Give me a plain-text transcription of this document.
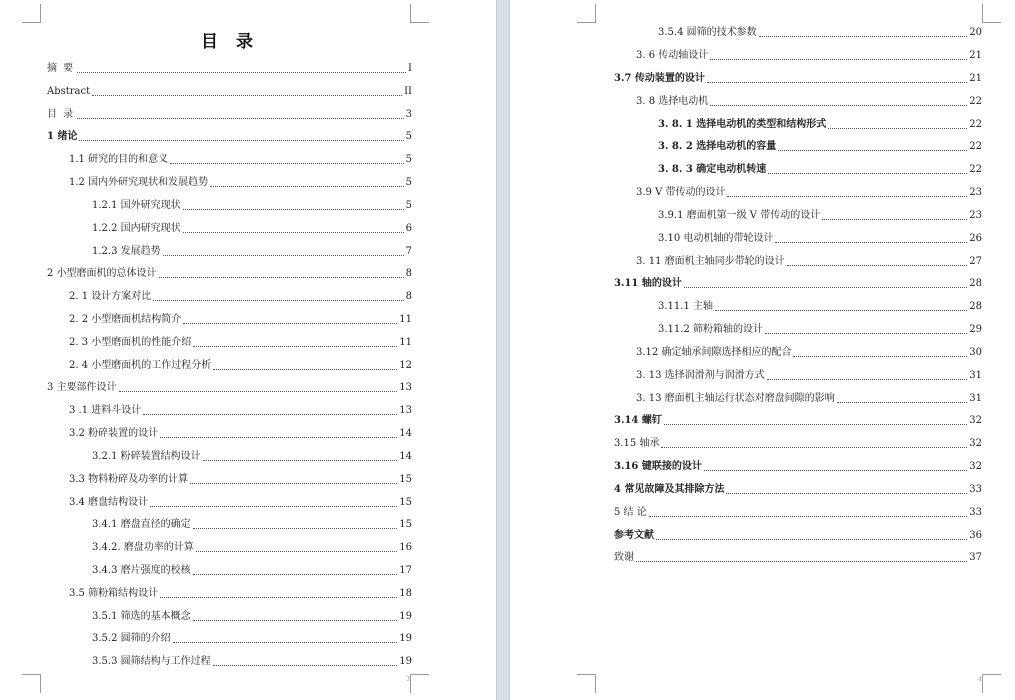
目 录
摘 要	I
Abstract	II
目 录	3
1 绪论	5
1.1 研究的目的和意义	5
1.2 国内外研究现状和发展趋势	5
1.2.1 国外研究现状	5
1.2.2 国内研究现状	6
1.2.3 发展趋势	7
2 小型磨面机的总体设计	8
2. 1 设计方案对比	8
2. 2 小型磨面机结构简介	11
2. 3 小型磨面机的性能介绍	11
2. 4 小型磨面机的工作过程分析	12
3 主要部件设计	13
3 .1 进料斗设计	13
3.2 粉碎装置的设计	14
3.2.1 粉碎装置结构设计	14
3.3 物料粉碎及功率的计算	15
3.4 磨盘结构设计	15
3.4.1 磨盘直径的确定	15
3.4.2. 磨盘功率的计算	16
3.4.3 磨片强度的校核	17
3.5 筛粉箱结构设计	18
3.5.1 筛选的基本概念	19
3.5.2 圆筛的介绍	19
3.5.3 圆筛结构与工作过程	19
3
3.5.4 圆筛的技术参数	20
3. 6 传动轴设计	21
3.7 传动装置的设计	21
3. 8 选择电动机	22
3. 8. 1 选择电动机的类型和结构形式	22
3. 8. 2 选择电动机的容量	22
3. 8. 3 确定电动机转速	22
3.9 V 带传动的设计	23
3.9.1 磨面机第一级 V 带传动的设计	23
3.10 电动机轴的带轮设计	26
3. 11 磨面机主轴同步带轮的设计	27
3.11 轴的设计	28
3.11.1 主轴	28
3.11.2 筛粉箱轴的设计	29
3.12 确定轴承间隙选择相应的配合	30
3. 13 选择润滑剂与润滑方式	31
3. 13 磨面机主轴运行状态对磨盘间隙的影响	31
3.14 螺钉	32
3.15 轴承	32
3.16 键联接的设计	32
4 常见故障及其排除方法	33
5 结 论	33
参考文献	36
致谢	37
4
